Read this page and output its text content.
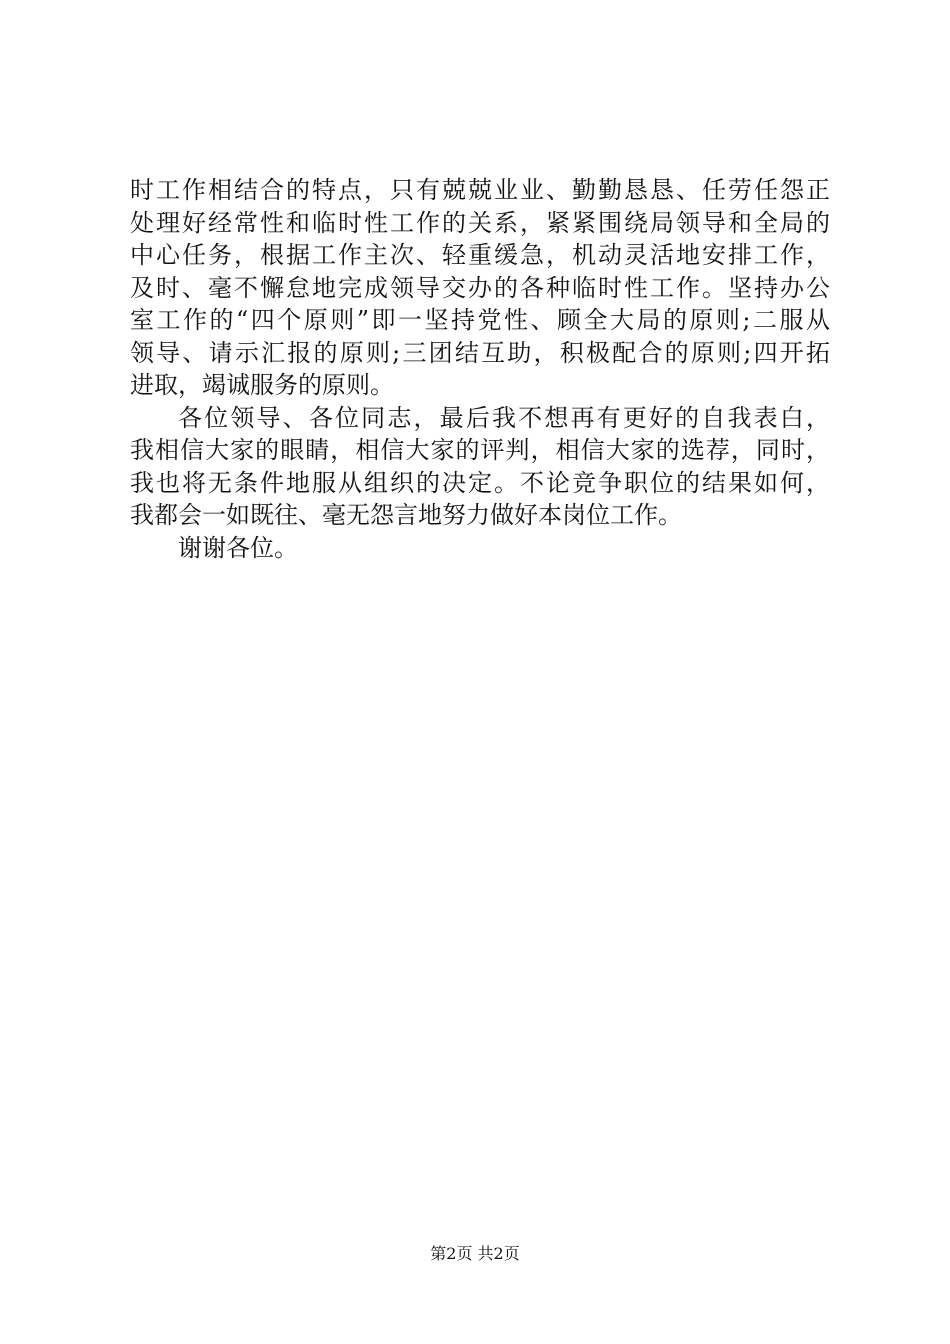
时工作相结合的特点，只有兢兢业业、勤勤恳恳、任劳任怨正
处理好经常性和临时性工作的关系，紧紧围绕局领导和全局的
中心任务，根据工作主次、轻重缓急，机动灵活地安排工作，
及时、毫不懈怠地完成领导交办的各种临时性工作。坚持办公
室工作的“四个原则”即一坚持党性、顾全大局的原则;二服从
领导、请示汇报的原则;三团结互助，积极配合的原则;四开拓
进取，竭诚服务的原则。
各位领导、各位同志，最后我不想再有更好的自我表白，
我相信大家的眼睛，相信大家的评判，相信大家的选荐，同时，
我也将无条件地服从组织的决定。不论竞争职位的结果如何，
我都会一如既往、毫无怨言地努力做好本岗位工作。
谢谢各位。
第2页 共2页
